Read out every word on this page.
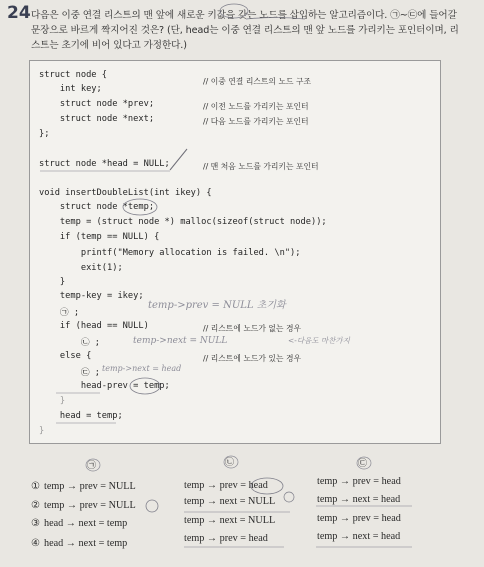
24 다음은 이중 연결 리스트의 맨 앞에 새로운 키값을 갖는 노드를 삽입하는 알고리즘이다. ㉠~㉢에 들어갈
문장으로 바르게 짝지어진 것은? (단, head는 이중 연결 리스트의 맨 앞 노드를 가리키는 포인터이며, 리
스트는 초기에 비어 있다고 가정한다.)
struct node {
int key;
struct node *prev;
struct node *next;
};
struct node *head = NULL;
void insertDoubleList(int ikey) {
struct node *temp;
temp = (struct node *) malloc(sizeof(struct node));
if (temp == NULL) {
printf("Memory allocation is failed. \n");
exit(1);
}
temp-key = ikey;
㉠ ;
if (head == NULL)
㉡ ;
else {
㉢ ;
head-prev = temp;
}
head = temp;
}
// 이중 연결 리스트의 노드 구조
// 이전 노드를 가리키는 포인터
// 다음 노드를 가리키는 포인터
// 맨 처음 노드를 가리키는 포인터
// 리스트에 노드가 없는 경우
// 리스트에 노드가 있는 경우
temp->prev = NULL 초기화
temp->next = NULL	<-다음도 마찬가지
temp->next = head
㉠	㉡	㉢
① temp → prev = NULL	temp → prev = head	temp → prev = head
② temp → prev = NULL	temp → next = NULL	temp → next = head
③ head → next = temp	temp → next = NULL	temp → prev = head
④ head → next = temp	temp → prev = head	temp → next = head
